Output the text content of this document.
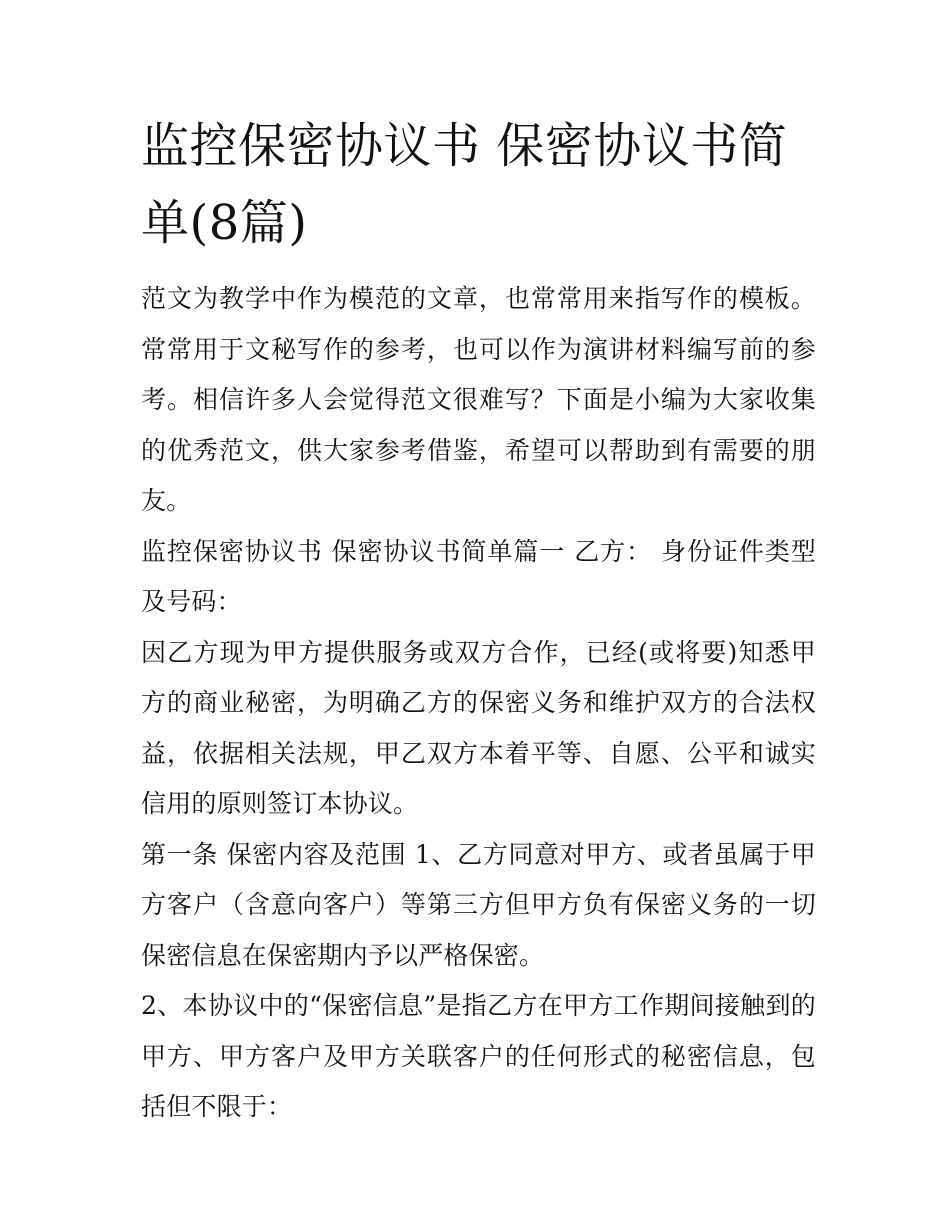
监控保密协议书 保密协议书简单(8篇)

范文为教学中作为模范的文章，也常常用来指写作的模板。常常用于文秘写作的参考，也可以作为演讲材料编写前的参考。相信许多人会觉得范文很难写？下面是小编为大家收集的优秀范文，供大家参考借鉴，希望可以帮助到有需要的朋友。

监控保密协议书 保密协议书简单篇一 乙方： 身份证件类型及号码：

因乙方现为甲方提供服务或双方合作，已经(或将要)知悉甲方的商业秘密，为明确乙方的保密义务和维护双方的合法权益，依据相关法规，甲乙双方本着平等、自愿、公平和诚实信用的原则签订本协议。

第一条 保密内容及范围 1、乙方同意对甲方、或者虽属于甲方客户（含意向客户）等第三方但甲方负有保密义务的一切保密信息在保密期内予以严格保密。

2、本协议中的“保密信息”是指乙方在甲方工作期间接触到的甲方、甲方客户及甲方关联客户的任何形式的秘密信息，包括但不限于：
